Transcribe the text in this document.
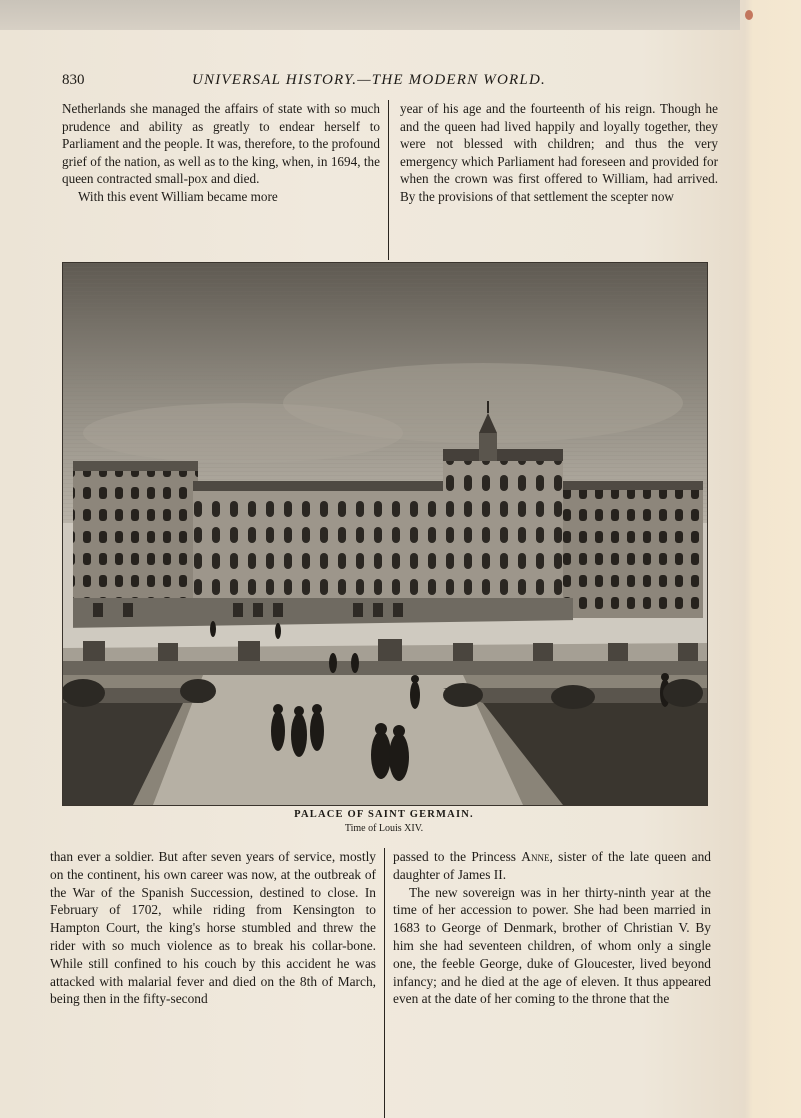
830	UNIVERSAL HISTORY.—THE MODERN WORLD.

Netherlands she managed the affairs of state with so much prudence and ability as greatly to endear herself to Parliament and the people. It was, therefore, to the profound grief of the nation, as well as to the king, when, in 1694, the queen contracted small-pox and died.

With this event William became more

year of his age and the fourteenth of his reign. Though he and the queen had lived happily and loyally together, they were not blessed with children; and thus the very emergency which Parliament had foreseen and provided for when the crown was first offered to William, had arrived. By the provisions of that settlement the scepter now

PALACE OF SAINT GERMAIN.
Time of Louis XIV.

than ever a soldier. But after seven years of service, mostly on the continent, his own career was now, at the outbreak of the War of the Spanish Succession, destined to close. In February of 1702, while riding from Kensington to Hampton Court, the king's horse stumbled and threw the rider with so much violence as to break his collar-bone. While still confined to his couch by this accident he was attacked with malarial fever and died on the 8th of March, being then in the fifty-second

passed to the Princess Anne, sister of the late queen and daughter of James II.

The new sovereign was in her thirty-ninth year at the time of her accession to power. She had been married in 1683 to George of Denmark, brother of Christian V. By him she had seventeen children, of whom only a single one, the feeble George, duke of Gloucester, lived beyond infancy; and he died at the age of eleven. It thus appeared even at the date of her coming to the throne that the
